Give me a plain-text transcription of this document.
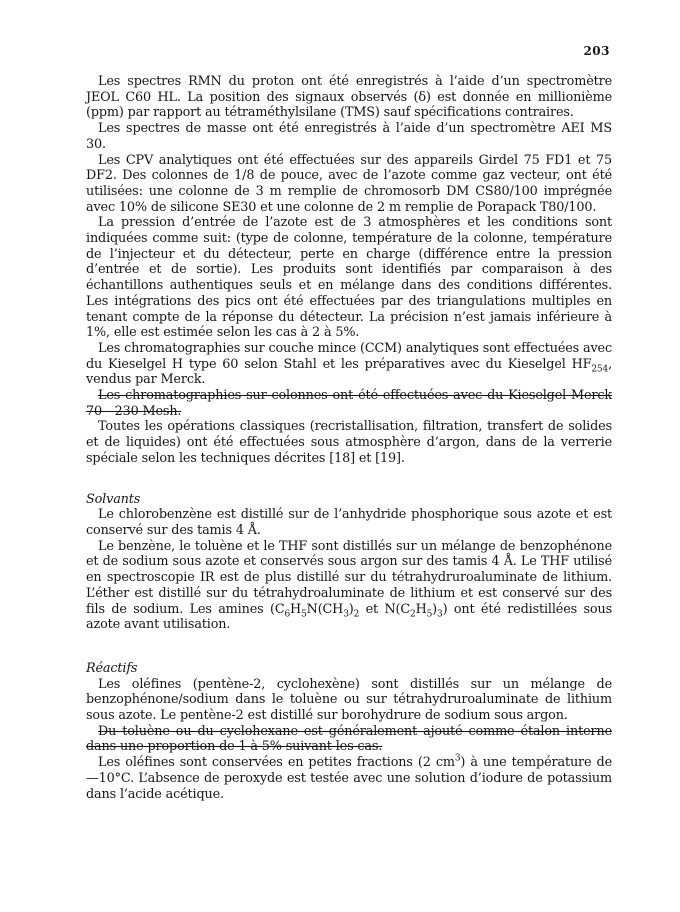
203

Les spectres RMN du proton ont été enregistrés à l’aide d’un spectromètre JEOL C60 HL. La position des signaux observés (δ) est donnée en millionième (ppm) par rapport au tétraméthylsilane (TMS) sauf spécifications contraires.

Les spectres de masse ont été enregistrés à l’aide d’un spectromètre AEI MS 30.

Les CPV analytiques ont été effectuées sur des appareils Girdel 75 FD1 et 75 DF2. Des colonnes de 1/8 de pouce, avec de l’azote comme gaz vecteur, ont été utilisées: une colonne de 3 m remplie de chromosorb DM CS80/100 imprégnée avec 10% de silicone SE30 et une colonne de 2 m remplie de Porapack T80/100.

La pression d’entrée de l’azote est de 3 atmosphères et les conditions sont indiquées comme suit: (type de colonne, température de la colonne, température de l’injecteur et du détecteur, perte en charge (différence entre la pression d’entrée et de sortie). Les produits sont identifiés par comparaison à des échantillons authentiques seuls et en mélange dans des conditions différentes. Les intégrations des pics ont été effectuées par des triangulations multiples en tenant compte de la réponse du détecteur. La précision n’est jamais inférieure à 1%, elle est estimée selon les cas à 2 à 5%.

Les chromatographies sur couche mince (CCM) analytiques sont effectuées avec du Kieselgel H type 60 selon Stahl et les préparatives avec du Kieselgel $HF_{254}$, vendus par Merck.

Les chromatographies sur colonnes ont été effectuées avec du Kieselgel Merck 70—230 Mesh.

Toutes les opérations classiques (recristallisation, filtration, transfert de solides et de liquides) ont été effectuées sous atmosphère d’argon, dans de la verrerie spéciale selon les techniques décrites [18] et [19].

Solvants

Le chlorobenzène est distillé sur de l’anhydride phosphorique sous azote et est conservé sur des tamis 4 Å.

Le benzène, le toluène et le THF sont distillés sur un mélange de benzophénone et de sodium sous azote et conservés sous argon sur des tamis 4 Å. Le THF utilisé en spectroscopie IR est de plus distillé sur du tétrahydruroaluminate de lithium. L’éther est distillé sur du tétrahydroaluminate de lithium et est conservé sur des fils de sodium. Les amines ($C_6H_5N(CH_3)_2$ et $N(C_2H_5)_3$) ont été redistillées sous azote avant utilisation.

Réactifs

Les oléfines (pentène-2, cyclohexène) sont distillés sur un mélange de benzophénone/sodium dans le toluène ou sur tétrahydruroaluminate de lithium sous azote. Le pentène-2 est distillé sur borohydrure de sodium sous argon.

Du toluène ou du cyclohexane est généralement ajouté comme étalon interne dans une proportion de 1 à 5% suivant les cas.

Les oléfines sont conservées en petites fractions (2 $cm^3$) à une température de —10°C. L’absence de peroxyde est testée avec une solution d’iodure de potassium dans l’acide acétique.
